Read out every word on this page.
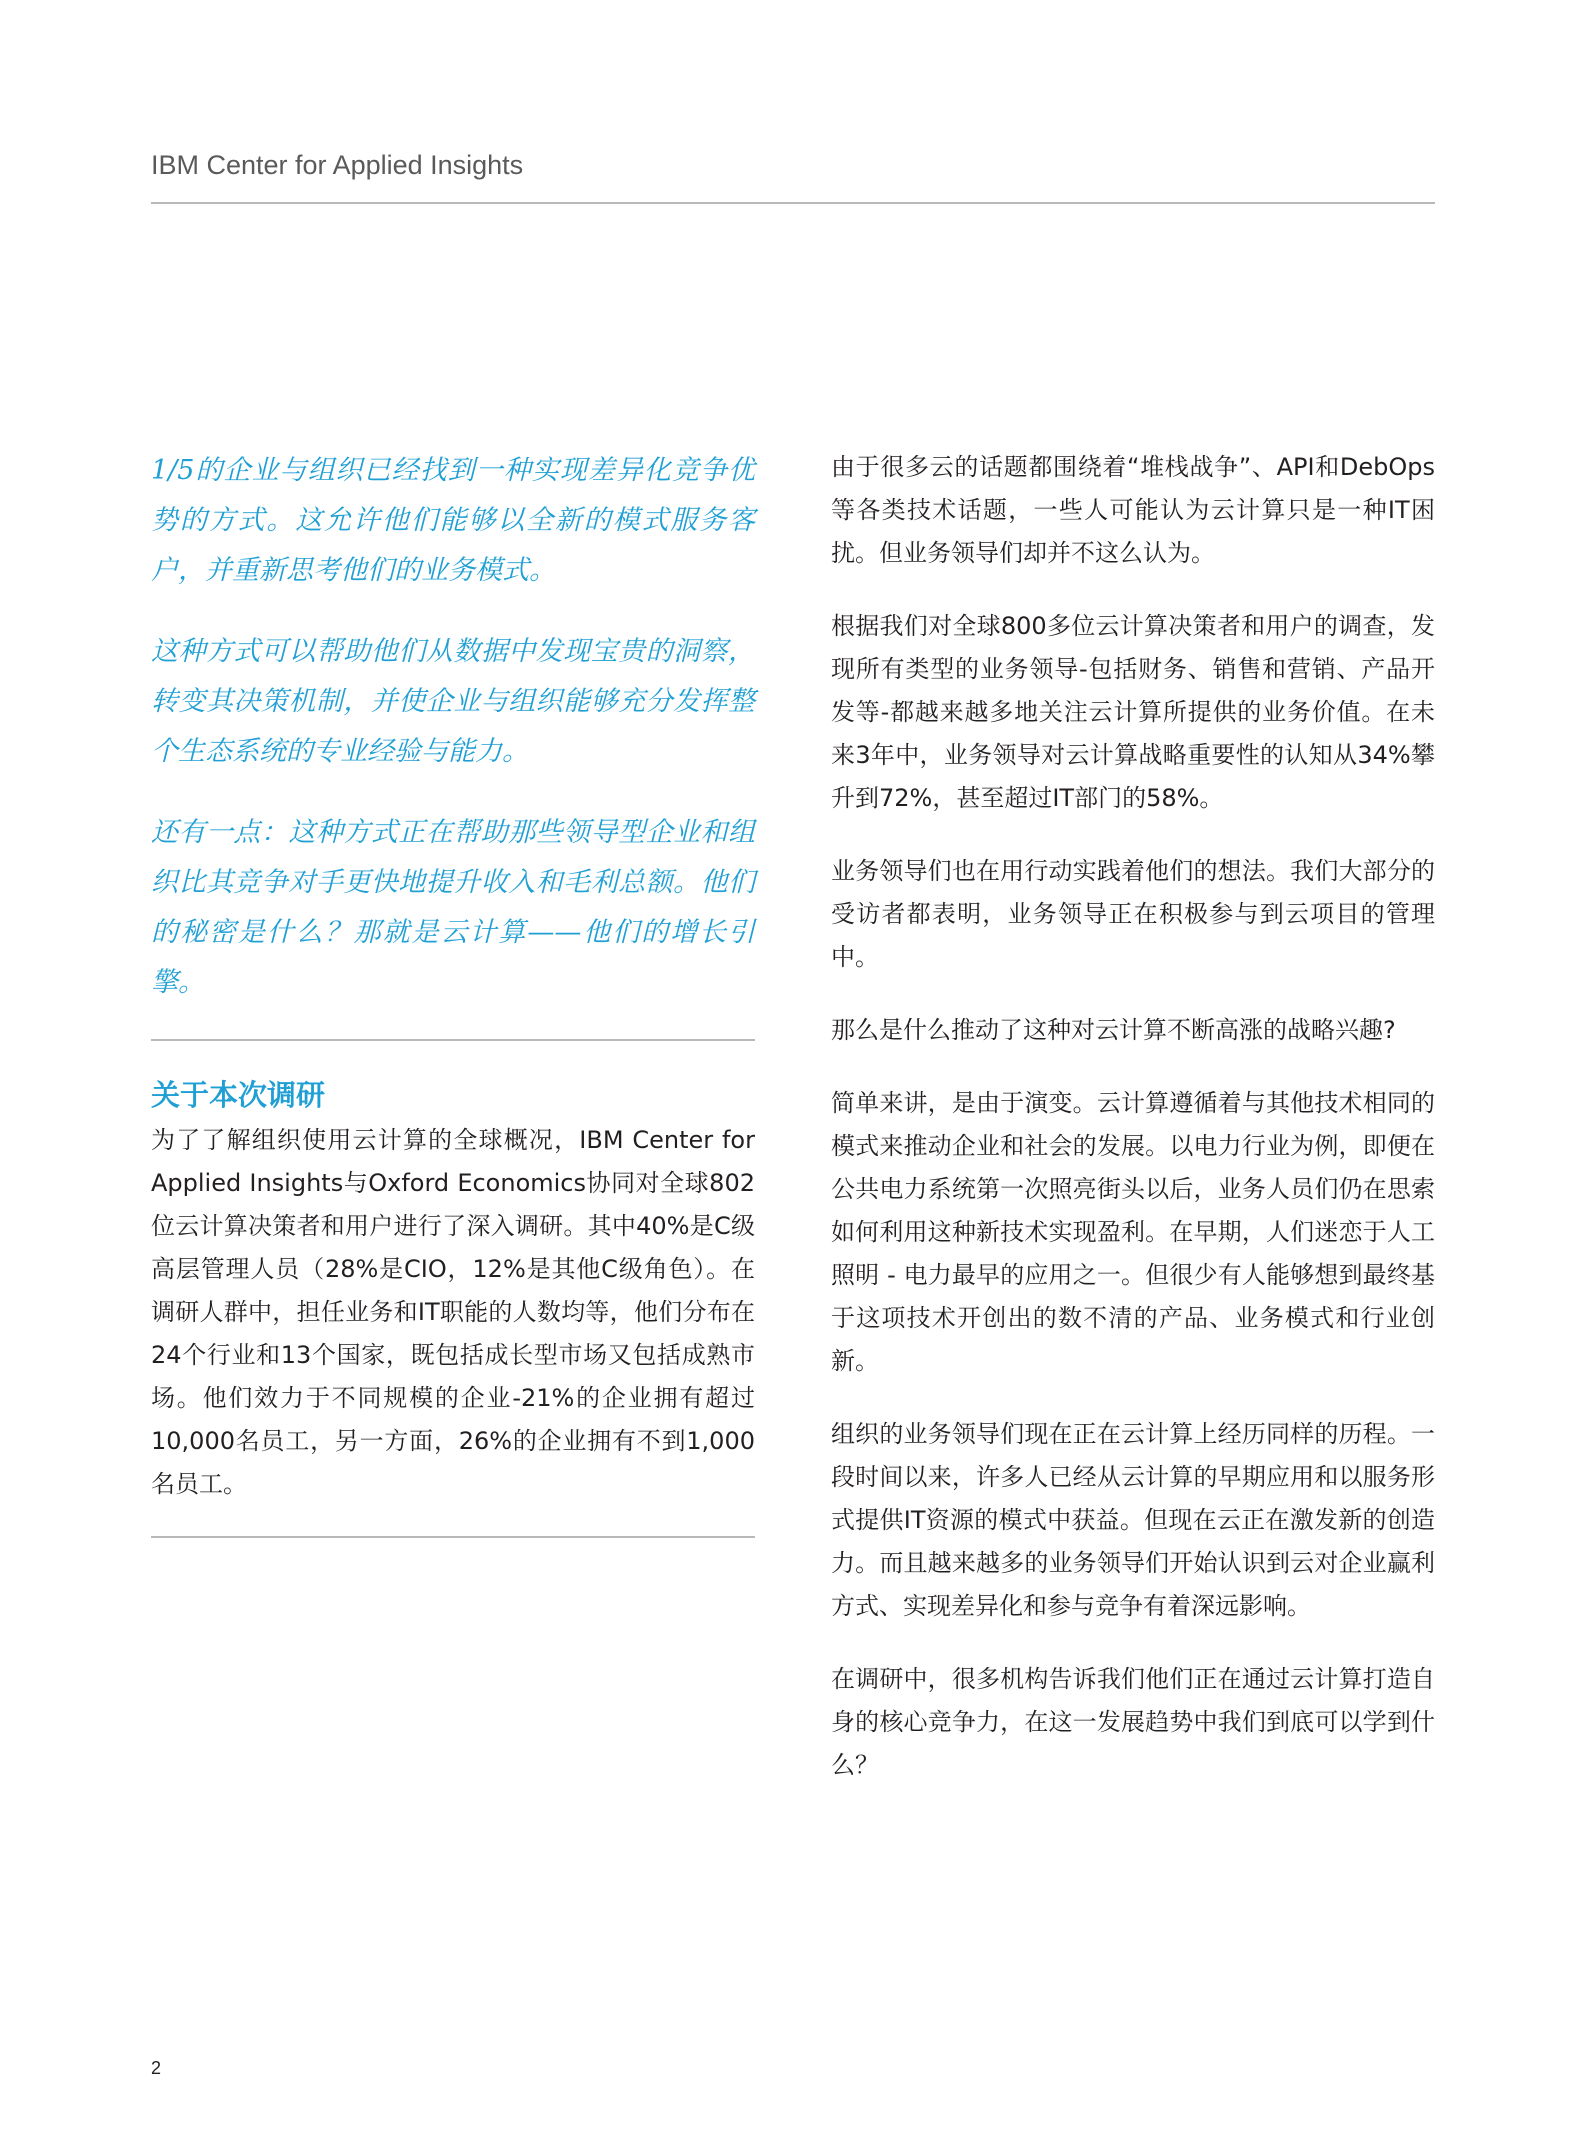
IBM Center for Applied Insights

1/5的企业与组织已经找到一种实现差异化竞争优势的方式。这允许他们能够以全新的模式服务客户，并重新思考他们的业务模式。

这种方式可以帮助他们从数据中发现宝贵的洞察，转变其决策机制，并使企业与组织能够充分发挥整个生态系统的专业经验与能力。

还有一点：这种方式正在帮助那些领导型企业和组织比其竞争对手更快地提升收入和毛利总额。他们的秘密是什么？那就是云计算——他们的增长引擎。

关于本次调研

为了了解组织使用云计算的全球概况，IBM Center for Applied Insights与Oxford Economics协同对全球802位云计算决策者和用户进行了深入调研。其中40%是C级高层管理人员（28%是CIO，12%是其他C级角色）。在调研人群中，担任业务和IT职能的人数均等，他们分布在24个行业和13个国家，既包括成长型市场又包括成熟市场。他们效力于不同规模的企业-21%的企业拥有超过10,000名员工，另一方面，26%的企业拥有不到1,000 名员工。

由于很多云的话题都围绕着“堆栈战争”、API和DebOps等各类技术话题，一些人可能认为云计算只是一种IT困扰。但业务领导们却并不这么认为。

根据我们对全球800多位云计算决策者和用户的调查，发现所有类型的业务领导-包括财务、销售和营销、产品开发等-都越来越多地关注云计算所提供的业务价值。在未来3年中，业务领导对云计算战略重要性的认知从34%攀升到72%，甚至超过IT部门的58%。

业务领导们也在用行动实践着他们的想法。我们大部分的受访者都表明，业务领导正在积极参与到云项目的管理中。

那么是什么推动了这种对云计算不断高涨的战略兴趣?

简单来讲，是由于演变。云计算遵循着与其他技术相同的模式来推动企业和社会的发展。以电力行业为例，即便在公共电力系统第一次照亮街头以后，业务人员们仍在思索如何利用这种新技术实现盈利。在早期，人们迷恋于人工照明 - 电力最早的应用之一。但很少有人能够想到最终基于这项技术开创出的数不清的产品、业务模式和行业创新。

组织的业务领导们现在正在云计算上经历同样的历程。一段时间以来，许多人已经从云计算的早期应用和以服务形式提供IT资源的模式中获益。但现在云正在激发新的创造力。而且越来越多的业务领导们开始认识到云对企业赢利方式、实现差异化和参与竞争有着深远影响。

在调研中，很多机构告诉我们他们正在通过云计算打造自身的核心竞争力，在这一发展趋势中我们到底可以学到什么？

2
